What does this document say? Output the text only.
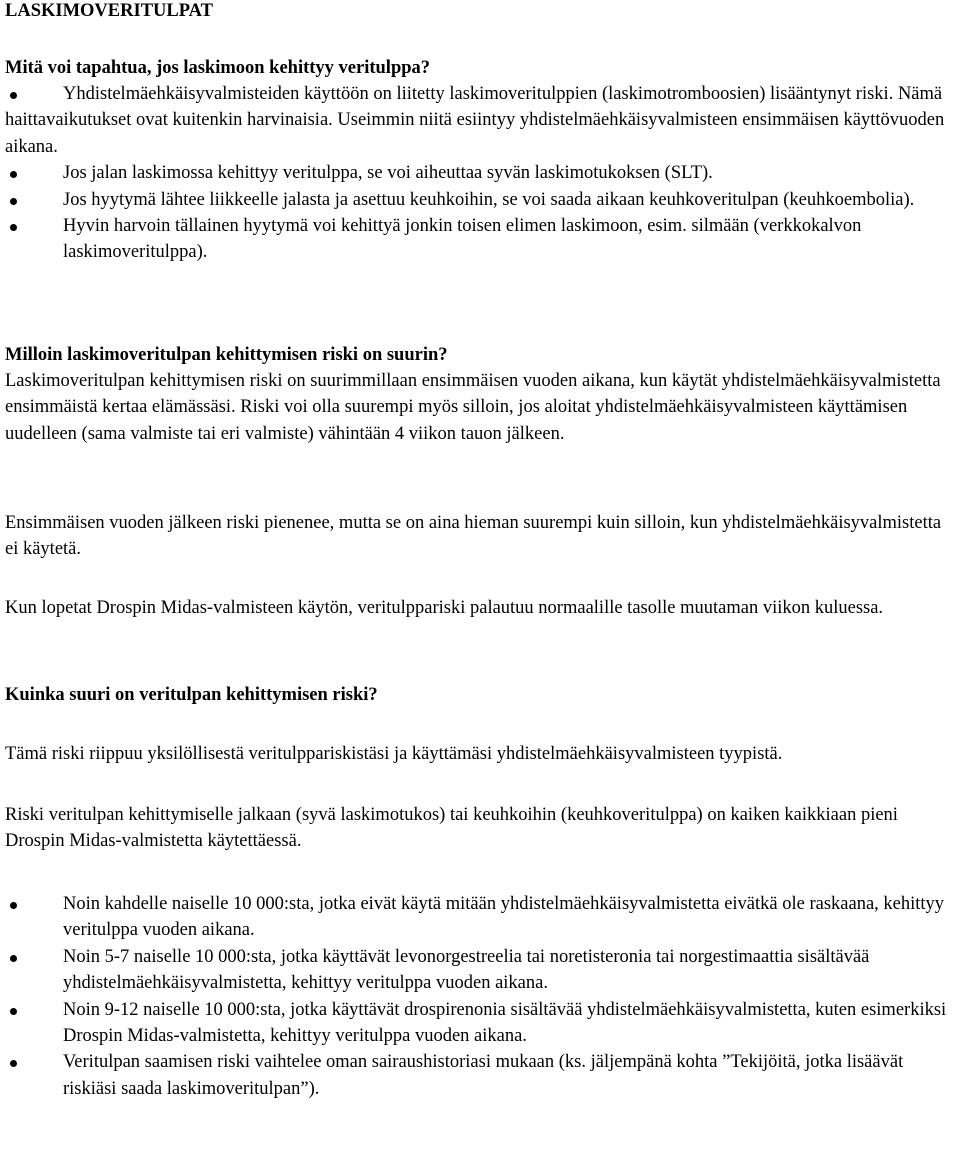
LASKIMOVERITULPAT

Mitä voi tapahtua, jos laskimoon kehittyy veritulppa?

Yhdistelmäehkäisyvalmisteiden käyttöön on liitetty laskimoveritulppien (laskimotromboosien) lisääntynyt riski. Nämä haittavaikutukset ovat kuitenkin harvinaisia. Useimmin niitä esiintyy yhdistelmäehkäisyvalmisteen ensimmäisen käyttövuoden aikana.
Jos jalan laskimossa kehittyy veritulppa, se voi aiheuttaa syvän laskimotukoksen (SLT).
Jos hyytymä lähtee liikkeelle jalasta ja asettuu keuhkoihin, se voi saada aikaan keuhkoveritulpan (keuhkoembolia).
Hyvin harvoin tällainen hyytymä voi kehittyä jonkin toisen elimen laskimoon, esim. silmään (verkkokalvon laskimoveritulppa).

Milloin laskimoveritulpan kehittymisen riski on suurin?

Laskimoveritulpan kehittymisen riski on suurimmillaan ensimmäisen vuoden aikana, kun käytät yhdistelmäehkäisyvalmistetta ensimmäistä kertaa elämässäsi. Riski voi olla suurempi myös silloin, jos aloitat yhdistelmäehkäisyvalmisteen käyttämisen uudelleen (sama valmiste tai eri valmiste) vähintään 4 viikon tauon jälkeen.

Ensimmäisen vuoden jälkeen riski pienenee, mutta se on aina hieman suurempi kuin silloin, kun yhdistelmäehkäisyvalmistetta ei käytetä.

Kun lopetat Drospin Midas-valmisteen käytön, veritulppariski palautuu normaalille tasolle muutaman viikon kuluessa.

Kuinka suuri on veritulpan kehittymisen riski?

Tämä riski riippuu yksilöllisestä veritulppariskistäsi ja käyttämäsi yhdistelmäehkäisyvalmisteen tyypistä.

Riski veritulpan kehittymiselle jalkaan (syvä laskimotukos) tai keuhkoihin (keuhkoveritulppa) on kaiken kaikkiaan pieni Drospin Midas-valmistetta käytettäessä.

Noin kahdelle naiselle 10 000:sta, jotka eivät käytä mitään yhdistelmäehkäisyvalmistetta eivätkä ole raskaana, kehittyy veritulppa vuoden aikana.
Noin 5-7 naiselle 10 000:sta, jotka käyttävät levonorgestreelia tai noretisteronia tai norgestimaattia sisältävää yhdistelmäehkäisyvalmistetta, kehittyy veritulppa vuoden aikana.
Noin 9-12 naiselle 10 000:sta, jotka käyttävät drospirenonia sisältävää yhdistelmäehkäisyvalmistetta, kuten esimerkiksi Drospin Midas-valmistetta, kehittyy veritulppa vuoden aikana.
Veritulpan saamisen riski vaihtelee oman sairaushistoriasi mukaan (ks. jäljempänä kohta ”Tekijöitä, jotka lisäävät riskiäsi saada laskimoveritulpan”).
